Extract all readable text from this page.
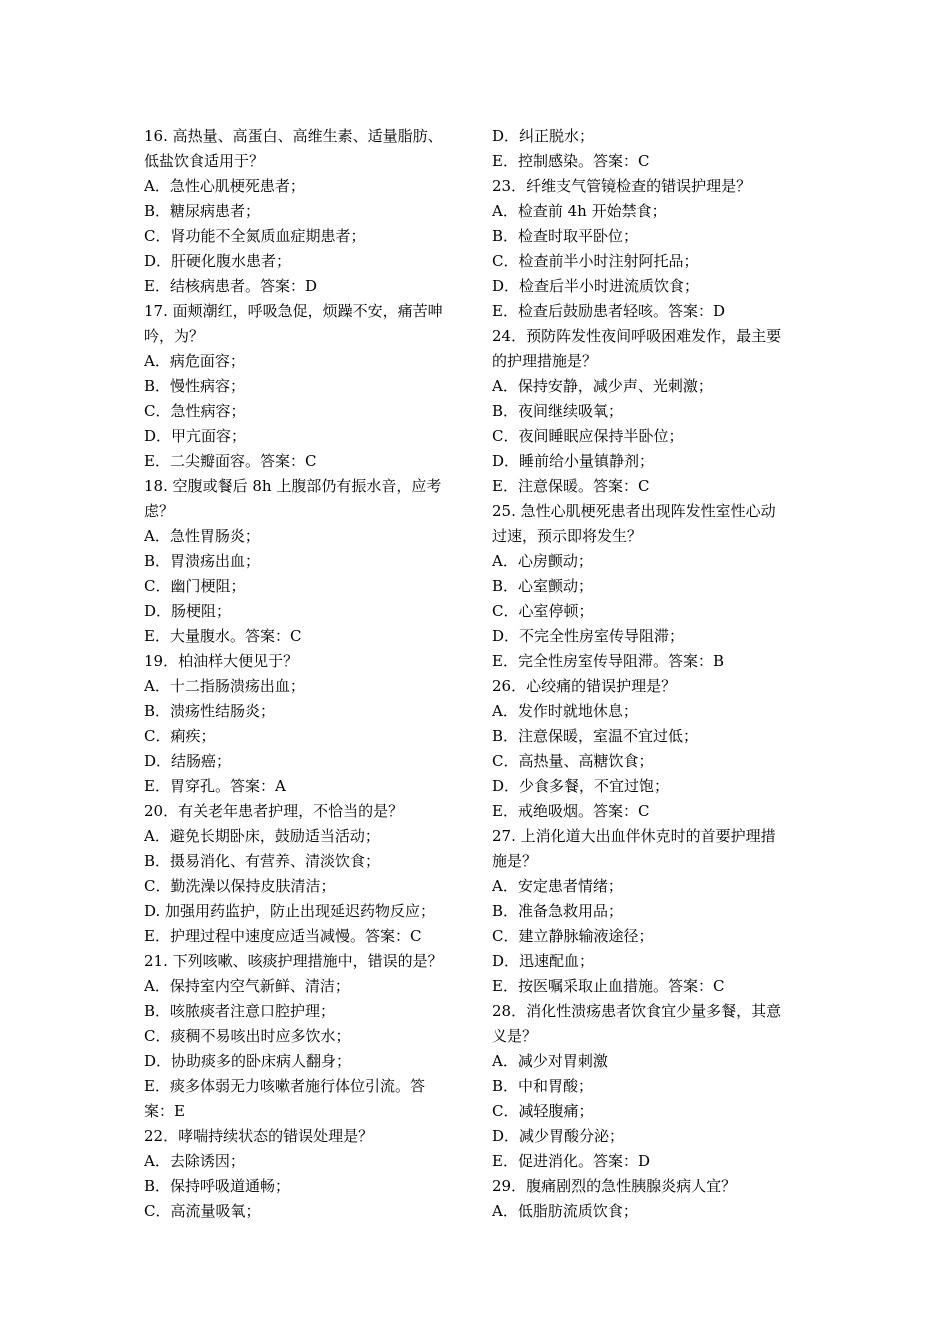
16. 高热量、高蛋白、高维生素、适量脂肪、
低盐饮食适用于？
A．急性心肌梗死患者；
B．糖尿病患者；
C．肾功能不全氮质血症期患者；
D．肝硬化腹水患者；
E．结核病患者。答案：D
17. 面颊潮红，呼吸急促，烦躁不安，痛苦呻
吟，为？
A．病危面容；
B．慢性病容；
C．急性病容；
D．甲亢面容；
E．二尖瓣面容。答案：C
18. 空腹或餐后 8h 上腹部仍有振水音，应考
虑？
A．急性胃肠炎；
B．胃溃疡出血；
C．幽门梗阻；
D．肠梗阻；
E．大量腹水。答案：C
19．柏油样大便见于？
A．十二指肠溃疡出血；
B．溃疡性结肠炎；
C．痢疾；
D．结肠癌；
E．胃穿孔。答案：A
20．有关老年患者护理，不恰当的是？
A．避免长期卧床，鼓励适当活动；
B．摄易消化、有营养、清淡饮食；
C．勤洗澡以保持皮肤清洁；
D. 加强用药监护，防止出现延迟药物反应；
E．护理过程中速度应适当减慢。答案：C
21. 下列咳嗽、咳痰护理措施中，错误的是？
A．保持室内空气新鲜、清洁；
B．咳脓痰者注意口腔护理；
C．痰稠不易咳出时应多饮水；
D．协助痰多的卧床病人翻身；
E．痰多体弱无力咳嗽者施行体位引流。答
案：E
22．哮喘持续状态的错误处理是？
A．去除诱因；
B．保持呼吸道通畅；
C．高流量吸氧；
D．纠正脱水；
E．控制感染。答案：C
23．纤维支气管镜检查的错误护理是？
A．检查前 4h 开始禁食；
B．检查时取平卧位；
C．检查前半小时注射阿托品；
D．检查后半小时进流质饮食；
E．检查后鼓励患者轻咳。答案：D
24．预防阵发性夜间呼吸困难发作，最主要
的护理措施是？
A．保持安静，减少声、光刺激；
B．夜间继续吸氧；
C．夜间睡眠应保持半卧位；
D．睡前给小量镇静剂；
E．注意保暖。答案：C
25. 急性心肌梗死患者出现阵发性室性心动
过速，预示即将发生？
A．心房颤动；
B．心室颤动；
C．心室停顿；
D．不完全性房室传导阻滞；
E．完全性房室传导阻滞。答案：B
26．心绞痛的错误护理是？
A．发作时就地休息；
B．注意保暖，室温不宜过低；
C．高热量、高糖饮食；
D．少食多餐，不宜过饱；
E．戒绝吸烟。答案：C
27. 上消化道大出血伴休克时的首要护理措
施是？
A．安定患者情绪；
B．准备急救用品；
C．建立静脉输液途径；
D．迅速配血；
E．按医嘱采取止血措施。答案：C
28．消化性溃疡患者饮食宜少量多餐，其意
义是？
A．减少对胃刺激
B．中和胃酸；
C．减轻腹痛；
D．减少胃酸分泌；
E．促进消化。答案：D
29．腹痛剧烈的急性胰腺炎病人宜？
A．低脂肪流质饮食；
